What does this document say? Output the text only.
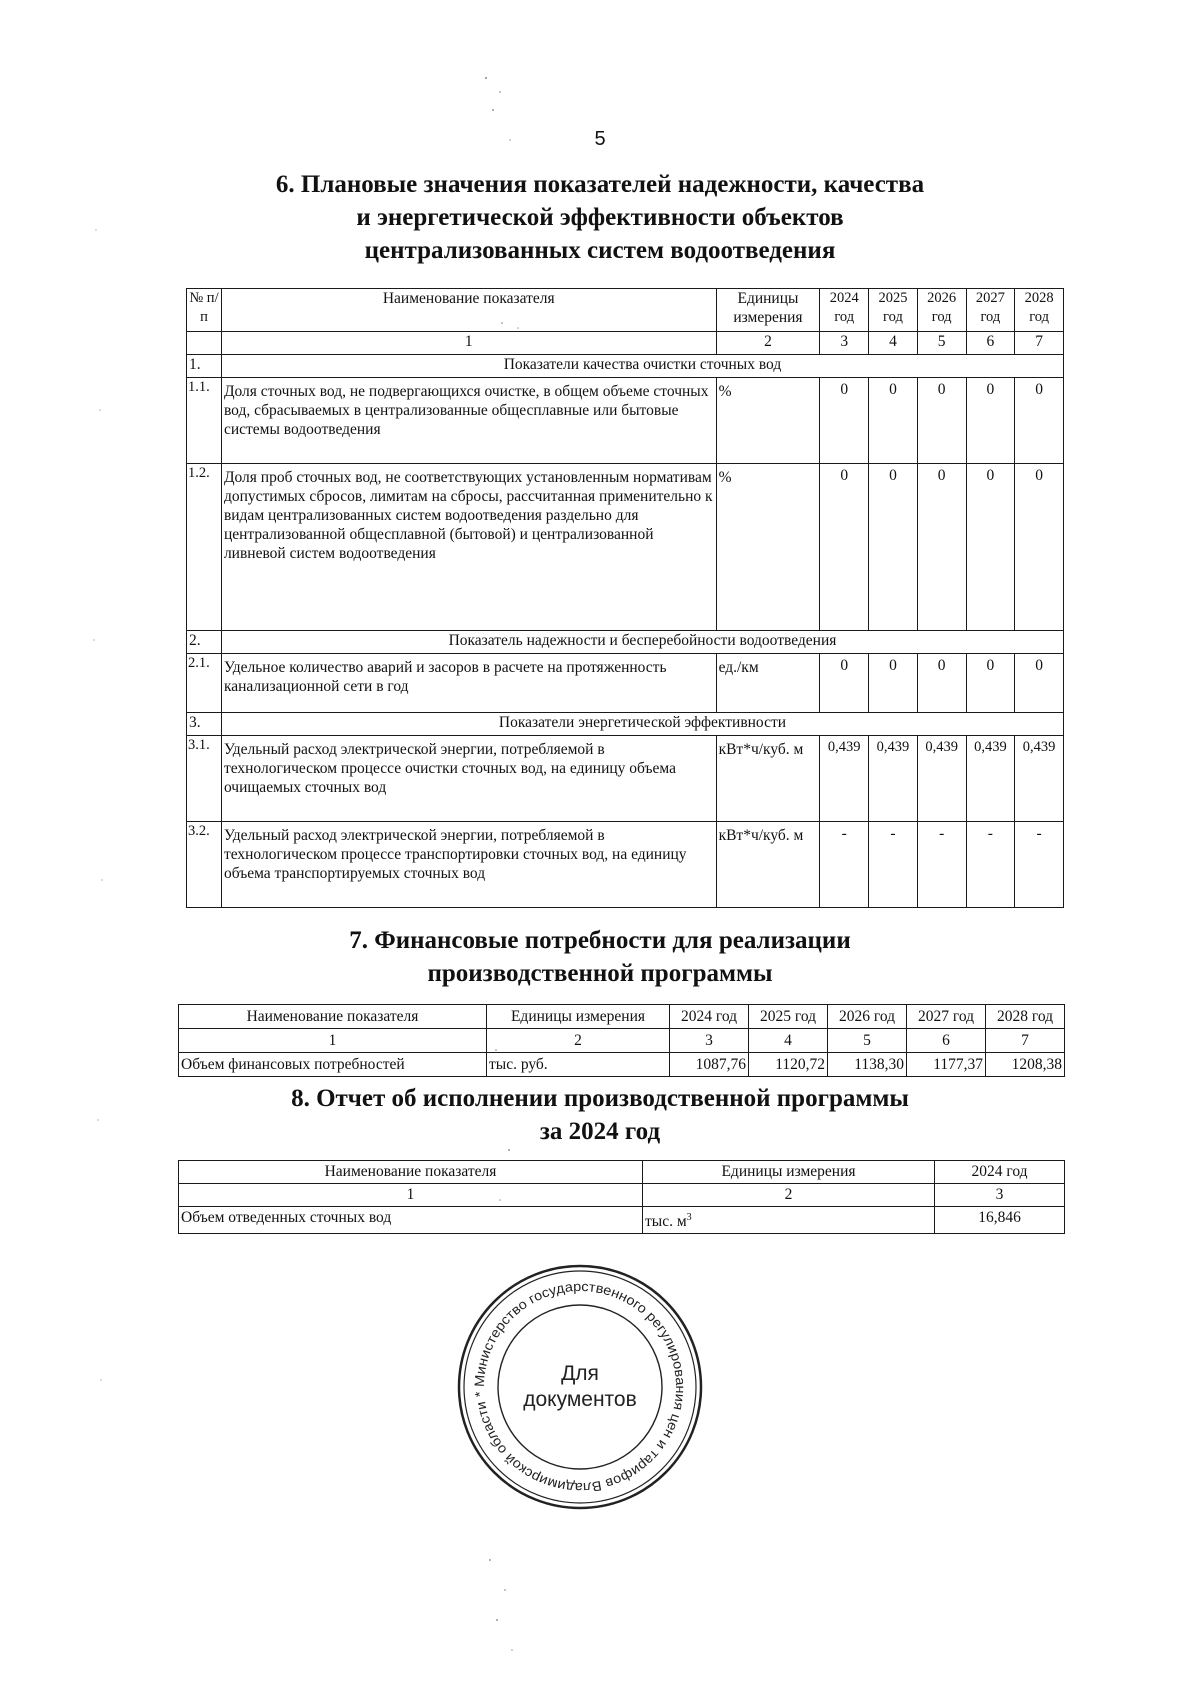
5
6. Плановые значения показателей надежности, качества
и энергетической эффективности объектов
централизованных систем водоотведения
№ п/п	Наименование показателя	Единицы измерения	2024 год	2025 год	2026 год	2027 год	2028 год
	1	2	3	4	5	6	7
1.	Показатели качества очистки сточных вод						
1.1.	Доля сточных вод, не подвергающихся очистке, в общем объеме сточных вод, сбрасываемых в централизованные общесплавные или бытовые системы водоотведения	%	0	0	0	0	0
1.2.	Доля проб сточных вод, не соответствующих установленным нормативам допустимых сбросов, лимитам на сбросы, рассчитанная применительно к видам централизованных систем водоотведения раздельно для централизованной общесплавной (бытовой) и централизованной ливневой систем водоотведения	%	0	0	0	0	0
2.	Показатель надежности и бесперебойности водоотведения						
2.1.	Удельное количество аварий и засоров в расчете на протяженность канализационной сети в год	ед./км	0	0	0	0	0
3.	Показатели энергетической эффективности						
3.1.	Удельный расход электрической энергии, потребляемой в технологическом процессе очистки сточных вод, на единицу объема очищаемых сточных вод	кВт*ч/куб. м	0,439	0,439	0,439	0,439	0,439
3.2.	Удельный расход электрической энергии, потребляемой в технологическом процессе транспортировки сточных вод, на единицу объема транспортируемых сточных вод	кВт*ч/куб. м	-	-	-	-	-
7. Финансовые потребности для реализации
производственной программы
Наименование показателя	Единицы измерения	2024 год	2025 год	2026 год	2027 год	2028 год
1	2	3	4	5	6	7
Объем финансовых потребностей	тыс. руб.	1087,76	1120,72	1138,30	1177,37	1208,38
8. Отчет об исполнении производственной программы
за 2024 год
Наименование показателя	Единицы измерения	2024 год
1	2	3
Объем отведенных сточных вод	тыс. $м^3$	16,846
Министерство государственного регулирования цен и тарифов Владимирской области *
Для
документов
